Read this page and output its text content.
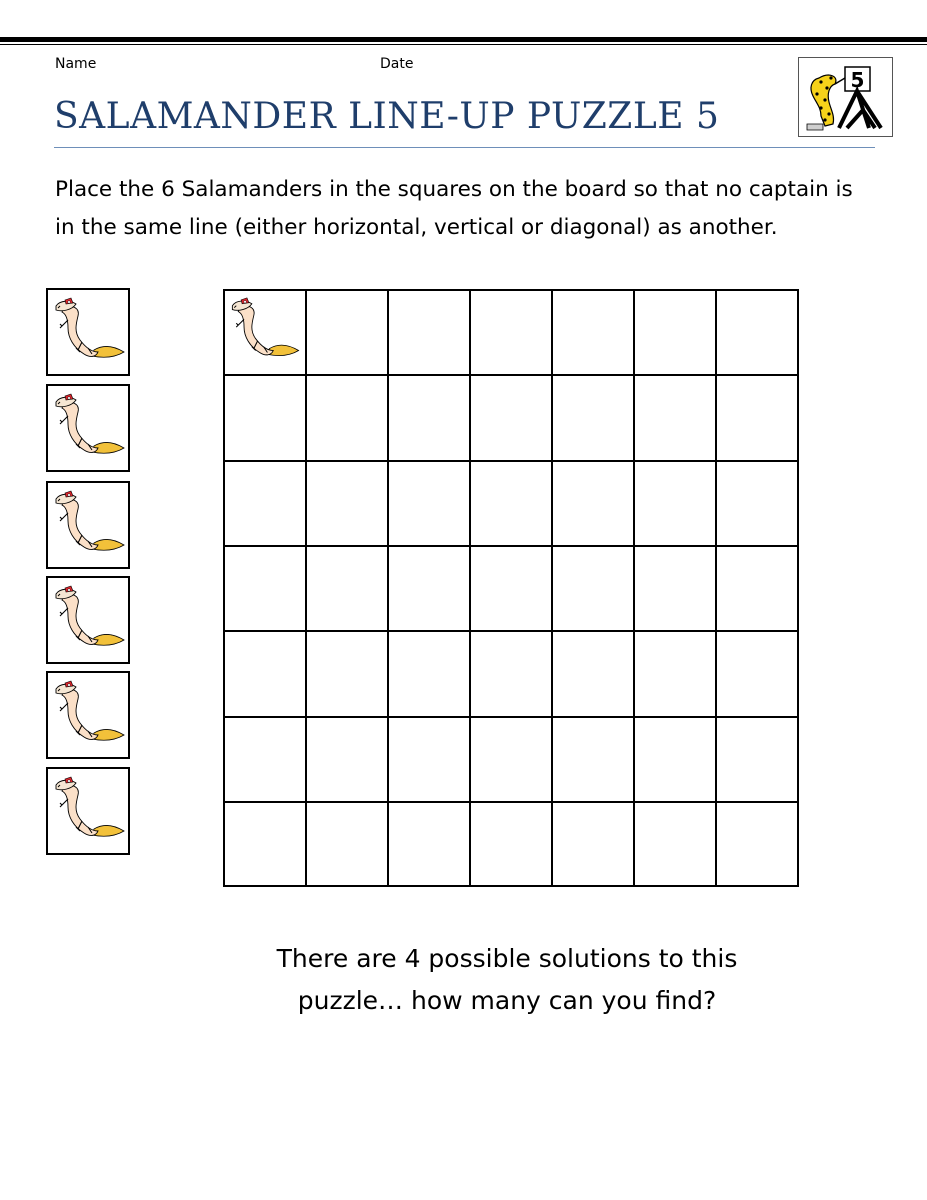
Name	Date
SALAMANDER LINE-UP PUZZLE 5
5
Place the 6 Salamanders in the squares on the board so that no captain is
in the same line (either horizontal, vertical or diagonal) as another.
There are 4 possible solutions to this
puzzle… how many can you find?
